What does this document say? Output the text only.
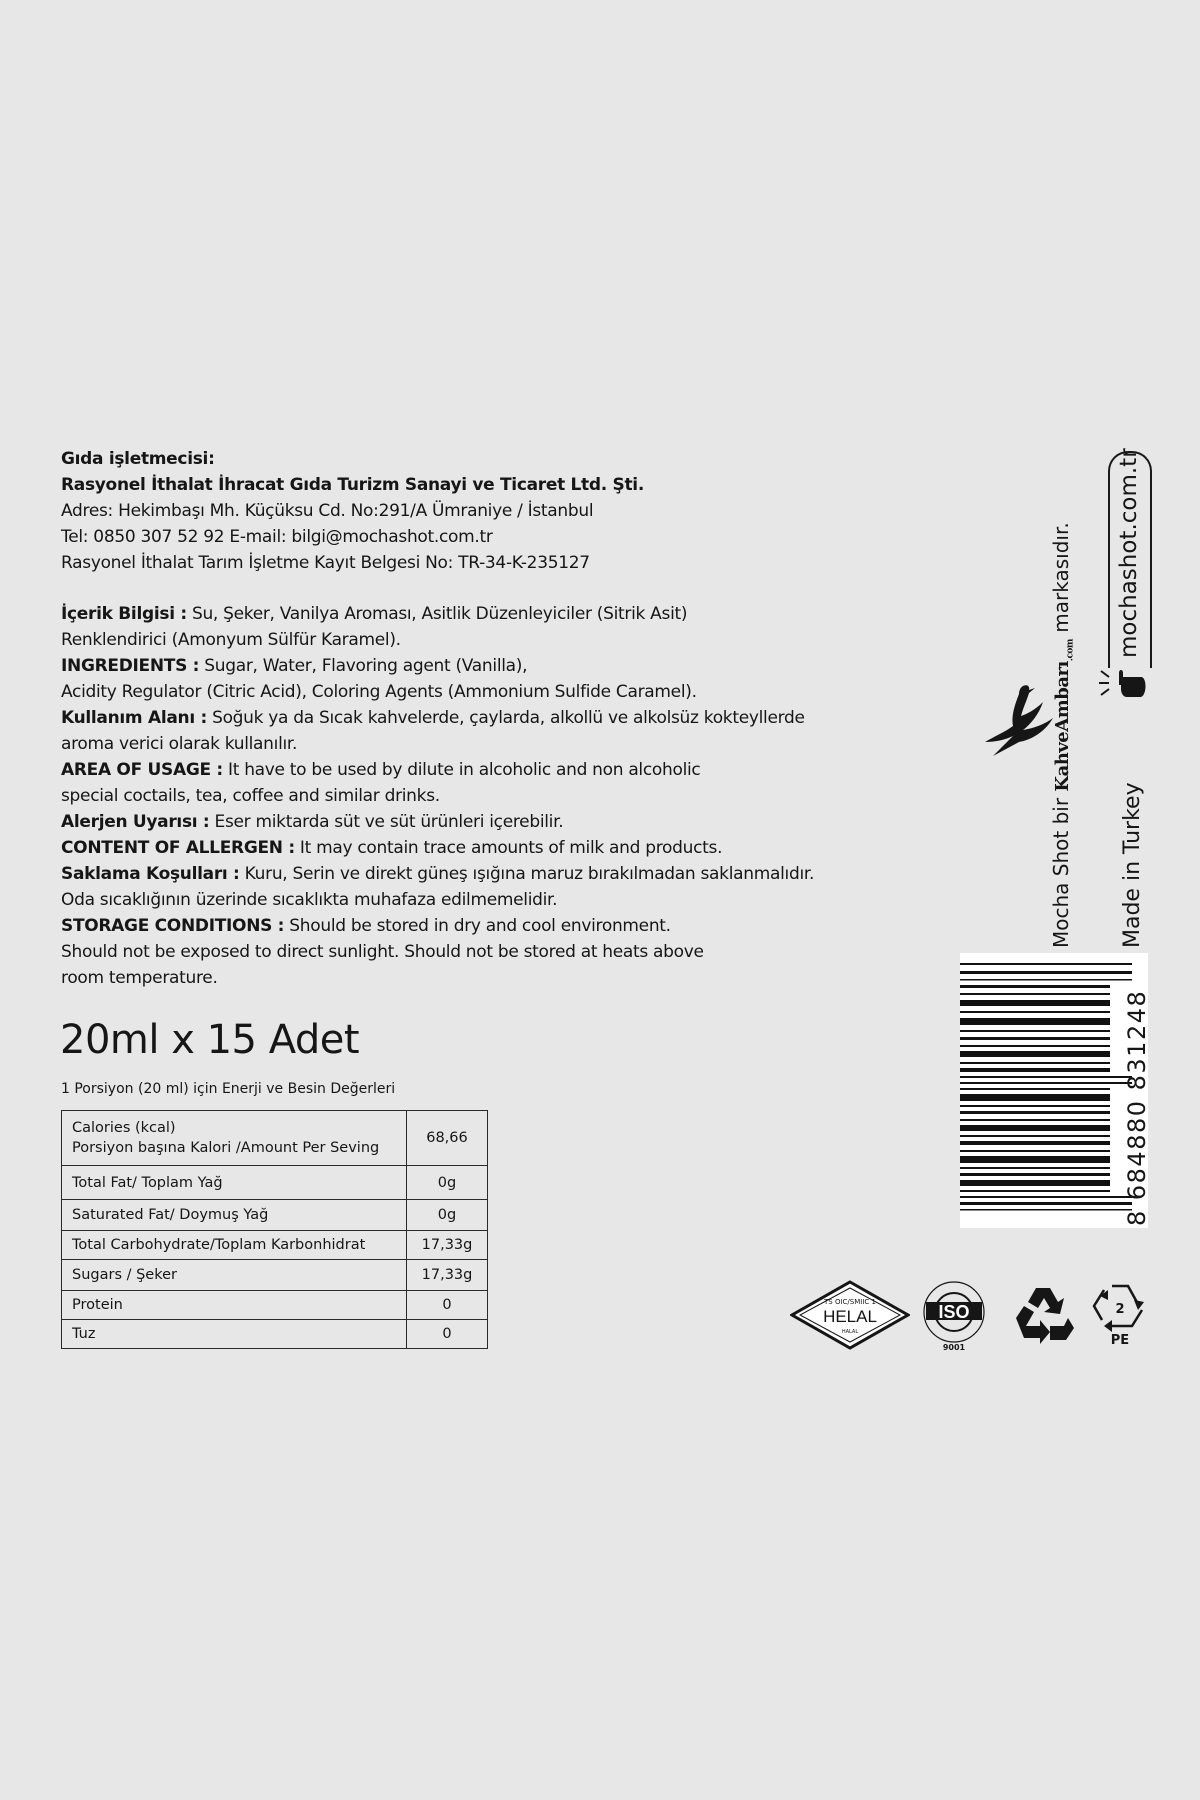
Gıda işletmecisi:
Rasyonel İthalat İhracat Gıda Turizm Sanayi ve Ticaret Ltd. Şti.
Adres: Hekimbaşı Mh. Küçüksu Cd. No:291/A Ümraniye / İstanbul
Tel: 0850 307 52 92 E-mail: bilgi@mochashot.com.tr
Rasyonel İthalat Tarım İşletme Kayıt Belgesi No: TR-34-K-235127
İçerik Bilgisi : Su, Şeker, Vanilya Aroması, Asitlik Düzenleyiciler (Sitrik Asit)
Renklendirici (Amonyum Sülfür Karamel).
INGREDIENTS : Sugar, Water, Flavoring agent (Vanilla),
Acidity Regulator (Citric Acid), Coloring Agents (Ammonium Sulfide Caramel).
Kullanım Alanı : Soğuk ya da Sıcak kahvelerde, çaylarda, alkollü ve alkolsüz kokteyllerde
aroma verici olarak kullanılır.
AREA OF USAGE : It have to be used by dilute in alcoholic and non alcoholic
special coctails, tea, coffee and similar drinks.
Alerjen Uyarısı : Eser miktarda süt ve süt ürünleri içerebilir.
CONTENT OF ALLERGEN : It may contain trace amounts of milk and products.
Saklama Koşulları : Kuru, Serin ve direkt güneş ışığına maruz bırakılmadan saklanmalıdır.
Oda sıcaklığının üzerinde sıcaklıkta muhafaza edilmemelidir.
STORAGE CONDITIONS : Should be stored in dry and cool environment.
Should not be exposed to direct sunlight. Should not be stored at heats above
room temperature.
20ml x 15 Adet
1 Porsiyon (20 ml) için Enerji ve Besin Değerleri
Calories (kcal)
Porsiyon başına Kalori /Amount Per Seving	68,66
Total Fat/ Toplam Yağ	0g
Saturated Fat/ Doymuş Yağ	0g
Total Carbohydrate/Toplam Karbonhidrat	17,33g
Sugars / Şeker	17,33g
Protein	0
Tuz	0
Mocha Shot bir KahveAmbarı$_{.com}$ markasıdır.
Made in Turkey
mochashot.com.tr
8 684880 831248
TS OIC/SMIIC 1
HELAL
HALAL
ISO
9001
2
PE
